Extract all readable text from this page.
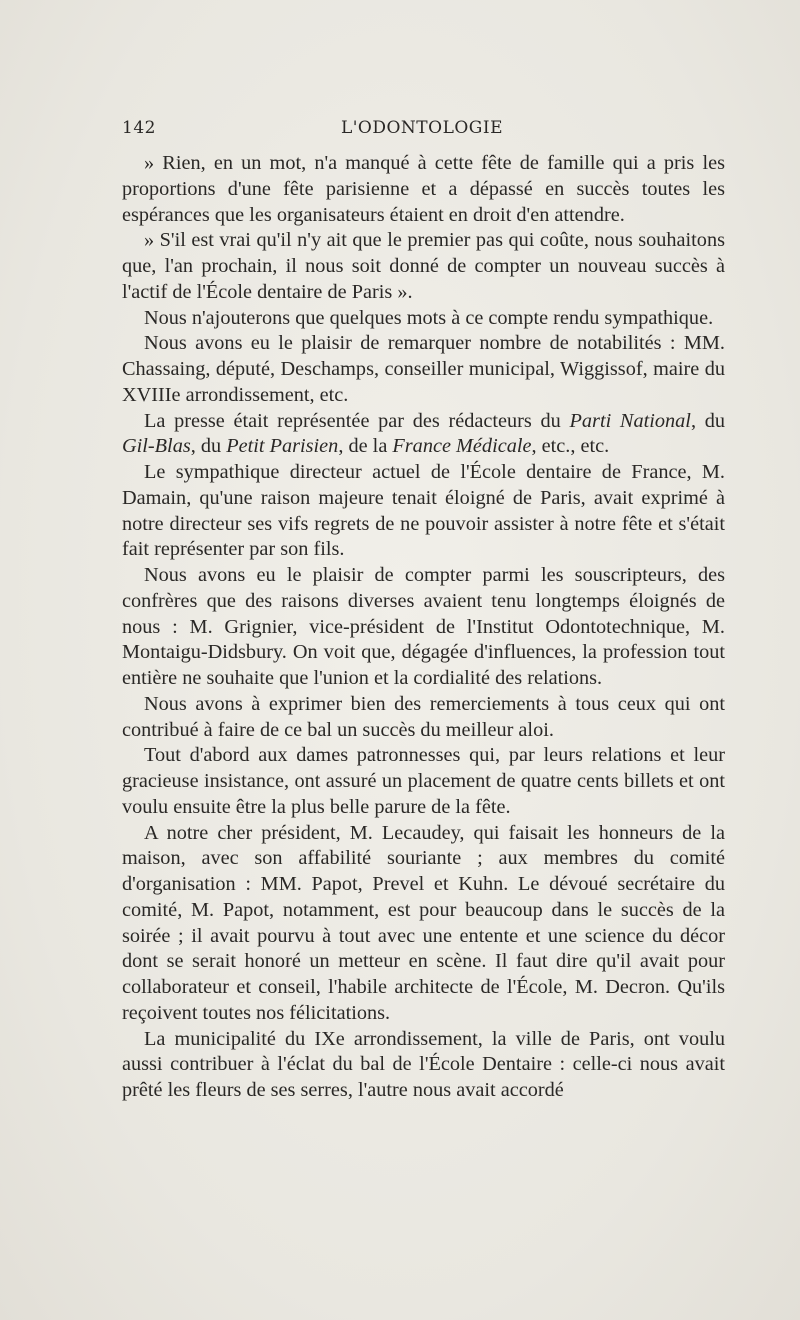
142	L'ODONTOLOGIE

» Rien, en un mot, n'a manqué à cette fête de famille qui a pris les proportions d'une fête parisienne et a dépassé en succès toutes les espérances que les organisateurs étaient en droit d'en attendre.

» S'il est vrai qu'il n'y ait que le premier pas qui coûte, nous souhaitons que, l'an prochain, il nous soit donné de compter un nouveau succès à l'actif de l'École dentaire de Paris ».

Nous n'ajouterons que quelques mots à ce compte rendu sympathique.

Nous avons eu le plaisir de remarquer nombre de notabilités : MM. Chassaing, député, Deschamps, conseiller municipal, Wiggissof, maire du XVIIIe arrondissement, etc.

La presse était représentée par des rédacteurs du Parti National, du Gil-Blas, du Petit Parisien, de la France Médicale, etc., etc.

Le sympathique directeur actuel de l'École dentaire de France, M. Damain, qu'une raison majeure tenait éloigné de Paris, avait exprimé à notre directeur ses vifs regrets de ne pouvoir assister à notre fête et s'était fait représenter par son fils.

Nous avons eu le plaisir de compter parmi les souscripteurs, des confrères que des raisons diverses avaient tenu longtemps éloignés de nous : M. Grignier, vice-président de l'Institut Odontotechnique, M. Montaigu-Didsbury. On voit que, dégagée d'influences, la profession tout entière ne souhaite que l'union et la cordialité des relations.

Nous avons à exprimer bien des remerciements à tous ceux qui ont contribué à faire de ce bal un succès du meilleur aloi.

Tout d'abord aux dames patronnesses qui, par leurs relations et leur gracieuse insistance, ont assuré un placement de quatre cents billets et ont voulu ensuite être la plus belle parure de la fête.

A notre cher président, M. Lecaudey, qui faisait les honneurs de la maison, avec son affabilité souriante ; aux membres du comité d'organisation : MM. Papot, Prevel et Kuhn. Le dévoué secrétaire du comité, M. Papot, notamment, est pour beaucoup dans le succès de la soirée ; il avait pourvu à tout avec une entente et une science du décor dont se serait honoré un metteur en scène. Il faut dire qu'il avait pour collaborateur et conseil, l'habile architecte de l'École, M. Decron. Qu'ils reçoivent toutes nos félicitations.

La municipalité du IXe arrondissement, la ville de Paris, ont voulu aussi contribuer à l'éclat du bal de l'École Dentaire : celle-ci nous avait prêté les fleurs de ses serres, l'autre nous avait accordé
